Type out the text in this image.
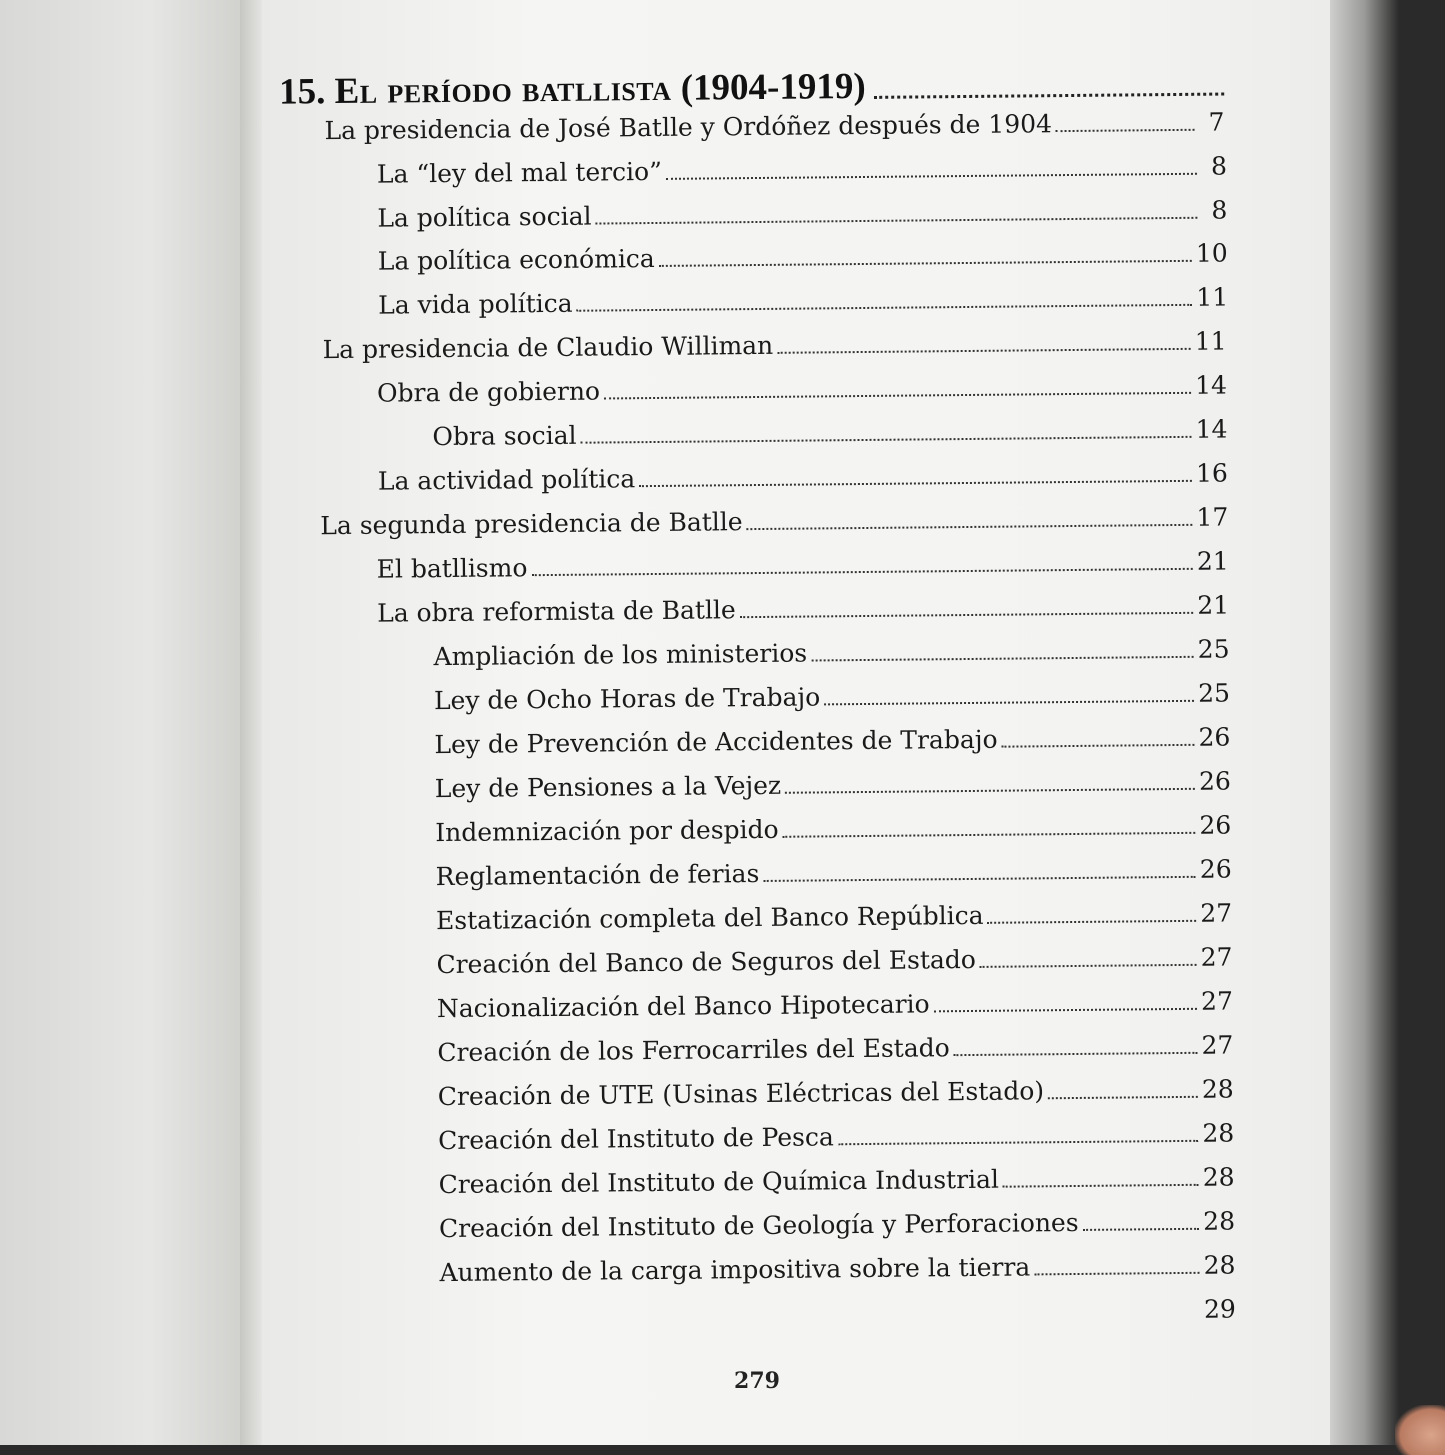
15.
El período batllista
(1904-1919)
La presidencia de José Batlle y Ordóñez después de 1904	7
La “ley del mal tercio”	8
La política social	8
La política económica	10
La vida política	11
La presidencia de Claudio Williman	11
Obra de gobierno	14
Obra social	14
La actividad política	16
La segunda presidencia de Batlle	17
El batllismo	21
La obra reformista de Batlle	21
Ampliación de los ministerios	25
Ley de Ocho Horas de Trabajo	25
Ley de Prevención de Accidentes de Trabajo	26
Ley de Pensiones a la Vejez	26
Indemnización por despido	26
Reglamentación de ferias	26
Estatización completa del Banco República	27
Creación del Banco de Seguros del Estado	27
Nacionalización del Banco Hipotecario	27
Creación de los Ferrocarriles del Estado	27
Creación de UTE (Usinas Eléctricas del Estado)	28
Creación del Instituto de Pesca	28
Creación del Instituto de Química Industrial	28
Creación del Instituto de Geología y Perforaciones	28
Aumento de la carga impositiva sobre la tierra	28
29
279
